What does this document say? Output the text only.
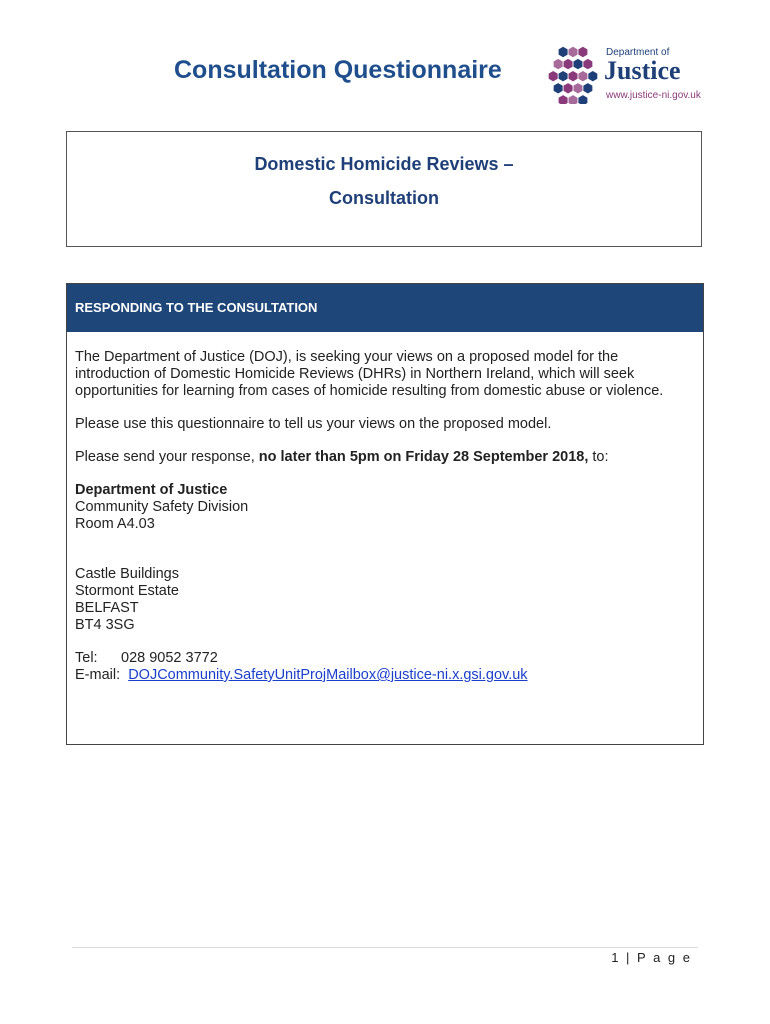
Consultation Questionnaire
Department of
Justice
www.justice-ni.gov.uk
Domestic Homicide Reviews –
Consultation
RESPONDING TO THE CONSULTATION

The Department of Justice (DOJ), is seeking your views on a proposed model for the introduction of Domestic Homicide Reviews (DHRs) in Northern Ireland, which will seek opportunities for learning from cases of homicide resulting from domestic abuse or violence.

Please use this questionnaire to tell us your views on the proposed model.

Please send your response, no later than 5pm on Friday 28 September 2018, to:

Department of Justice
Community Safety Division
Room A4.03
Castle Buildings
Stormont Estate
BELFAST
BT4 3SG
Tel: 028 9052 3772
E-mail: DOJCommunity.SafetyUnitProjMailbox@justice-ni.x.gsi.gov.uk
1 | P a g e
